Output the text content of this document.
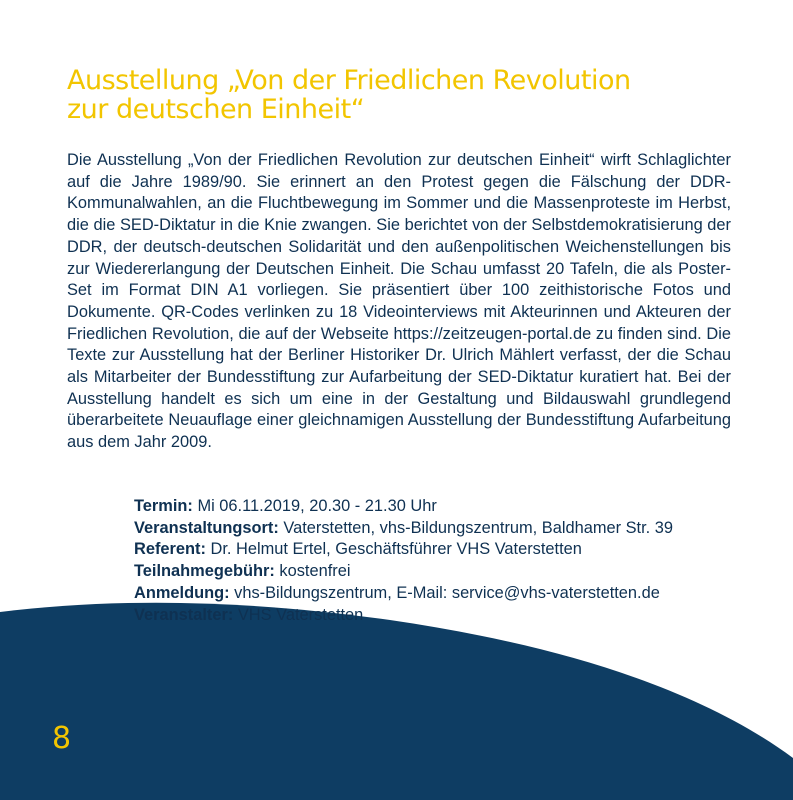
Ausstellung „Von der Friedlichen Revolution
zur deutschen Einheit“

Die Ausstellung „Von der Friedlichen Revolution zur deutschen Einheit“ wirft Schlaglichter auf die Jahre 1989/90. Sie erinnert an den Protest gegen die Fälschung der DDR-Kommunalwahlen, an die Fluchtbewegung im Sommer und die Massenproteste im Herbst, die die SED-Diktatur in die Knie zwangen. Sie berichtet von der Selbstdemokratisierung der DDR, der deutsch-deutschen Solidarität und den außenpolitischen Weichenstellungen bis zur Wiedererlangung der Deutschen Einheit. Die Schau umfasst 20 Tafeln, die als Poster-Set im Format DIN A1 vorliegen. Sie präsentiert über 100 zeithistorische Fotos und Dokumente. QR-Codes verlinken zu 18 Videointerviews mit Akteurinnen und Akteuren der Friedlichen Revolution, die auf der Webseite https://zeitzeugen-portal.de zu finden sind. Die Texte zur Ausstellung hat der Berliner Historiker Dr. Ulrich Mählert verfasst, der die Schau als Mitarbeiter der Bundesstiftung zur Aufarbeitung der SED-Diktatur kuratiert hat. Bei der Ausstellung handelt es sich um eine in der Gestaltung und Bildauswahl grundlegend überarbeitete Neuauflage einer gleichnamigen Ausstellung der Bundesstiftung Aufarbeitung aus dem Jahr 2009.

Termin: Mi 06.11.2019, 20.30 - 21.30 Uhr
Veranstaltungsort: Vaterstetten, vhs-Bildungszentrum, Baldhamer Str. 39
Referent: Dr. Helmut Ertel, Geschäftsführer VHS Vaterstetten
Teilnahmegebühr: kostenfrei
Anmeldung: vhs-Bildungszentrum, E-Mail: service@vhs-vaterstetten.de
Veranstalter: VHS Vaterstetten
8
